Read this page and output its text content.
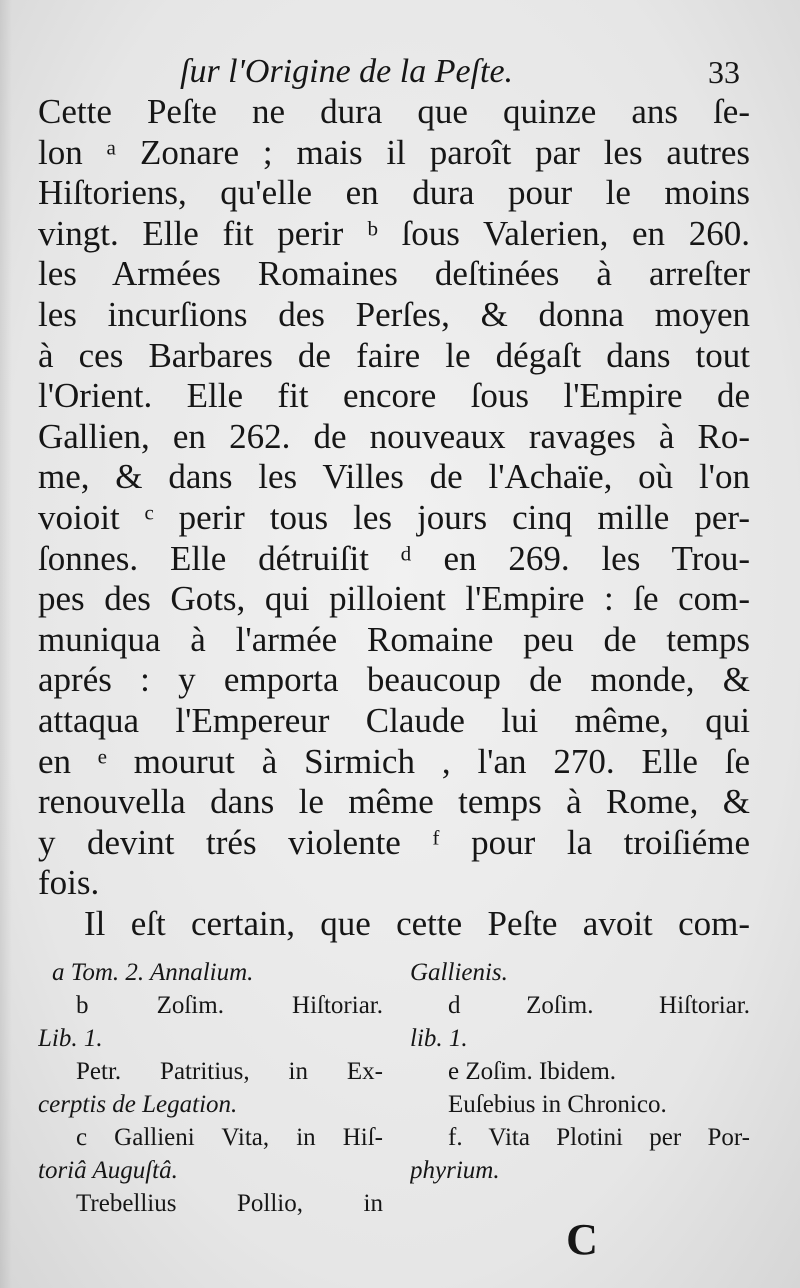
ſur l'Origine de la Peſte.	33
Cette Peſte ne dura que quinze ans ſe-
lon ᵃ Zonare ; mais il paroît par les autres
Hiſtoriens, qu'elle en dura pour le moins
vingt. Elle fit perir ᵇ ſous Valerien, en 260.
les Armées Romaines deſtinées à arreſter
les incurſions des Perſes, & donna moyen
à ces Barbares de faire le dégaſt dans tout
l'Orient. Elle fit encore ſous l'Empire de
Gallien, en 262. de nouveaux ravages à Ro-
me, & dans les Villes de l'Achaïe, où l'on
voioit ᶜ perir tous les jours cinq mille per-
ſonnes. Elle détruiſit ᵈ en 269. les Trou-
pes des Gots, qui pilloient l'Empire : ſe com-
muniqua à l'armée Romaine peu de temps
aprés : y emporta beaucoup de monde, &
attaqua l'Empereur Claude lui même, qui
en ᵉ mourut à Sirmich , l'an 270. Elle ſe
renouvella dans le même temps à Rome, &
y devint trés violente ᶠ pour la troiſiéme
fois.
Il eſt certain, que cette Peſte avoit com-
a Tom. 2. Annalium.
b Zoſim. Hiſtoriar.
Lib. 1.
Petr. Patritius, in Ex-
cerptis de Legation.
c Gallieni Vita, in Hiſ-
toriâ Auguſtâ.
Trebellius Pollio, in
Gallienis.
d Zoſim. Hiſtoriar.
lib. 1.
e Zoſim. Ibidem.
Euſebius in Chronico.
f. Vita Plotini per Por-
phyrium.
C
